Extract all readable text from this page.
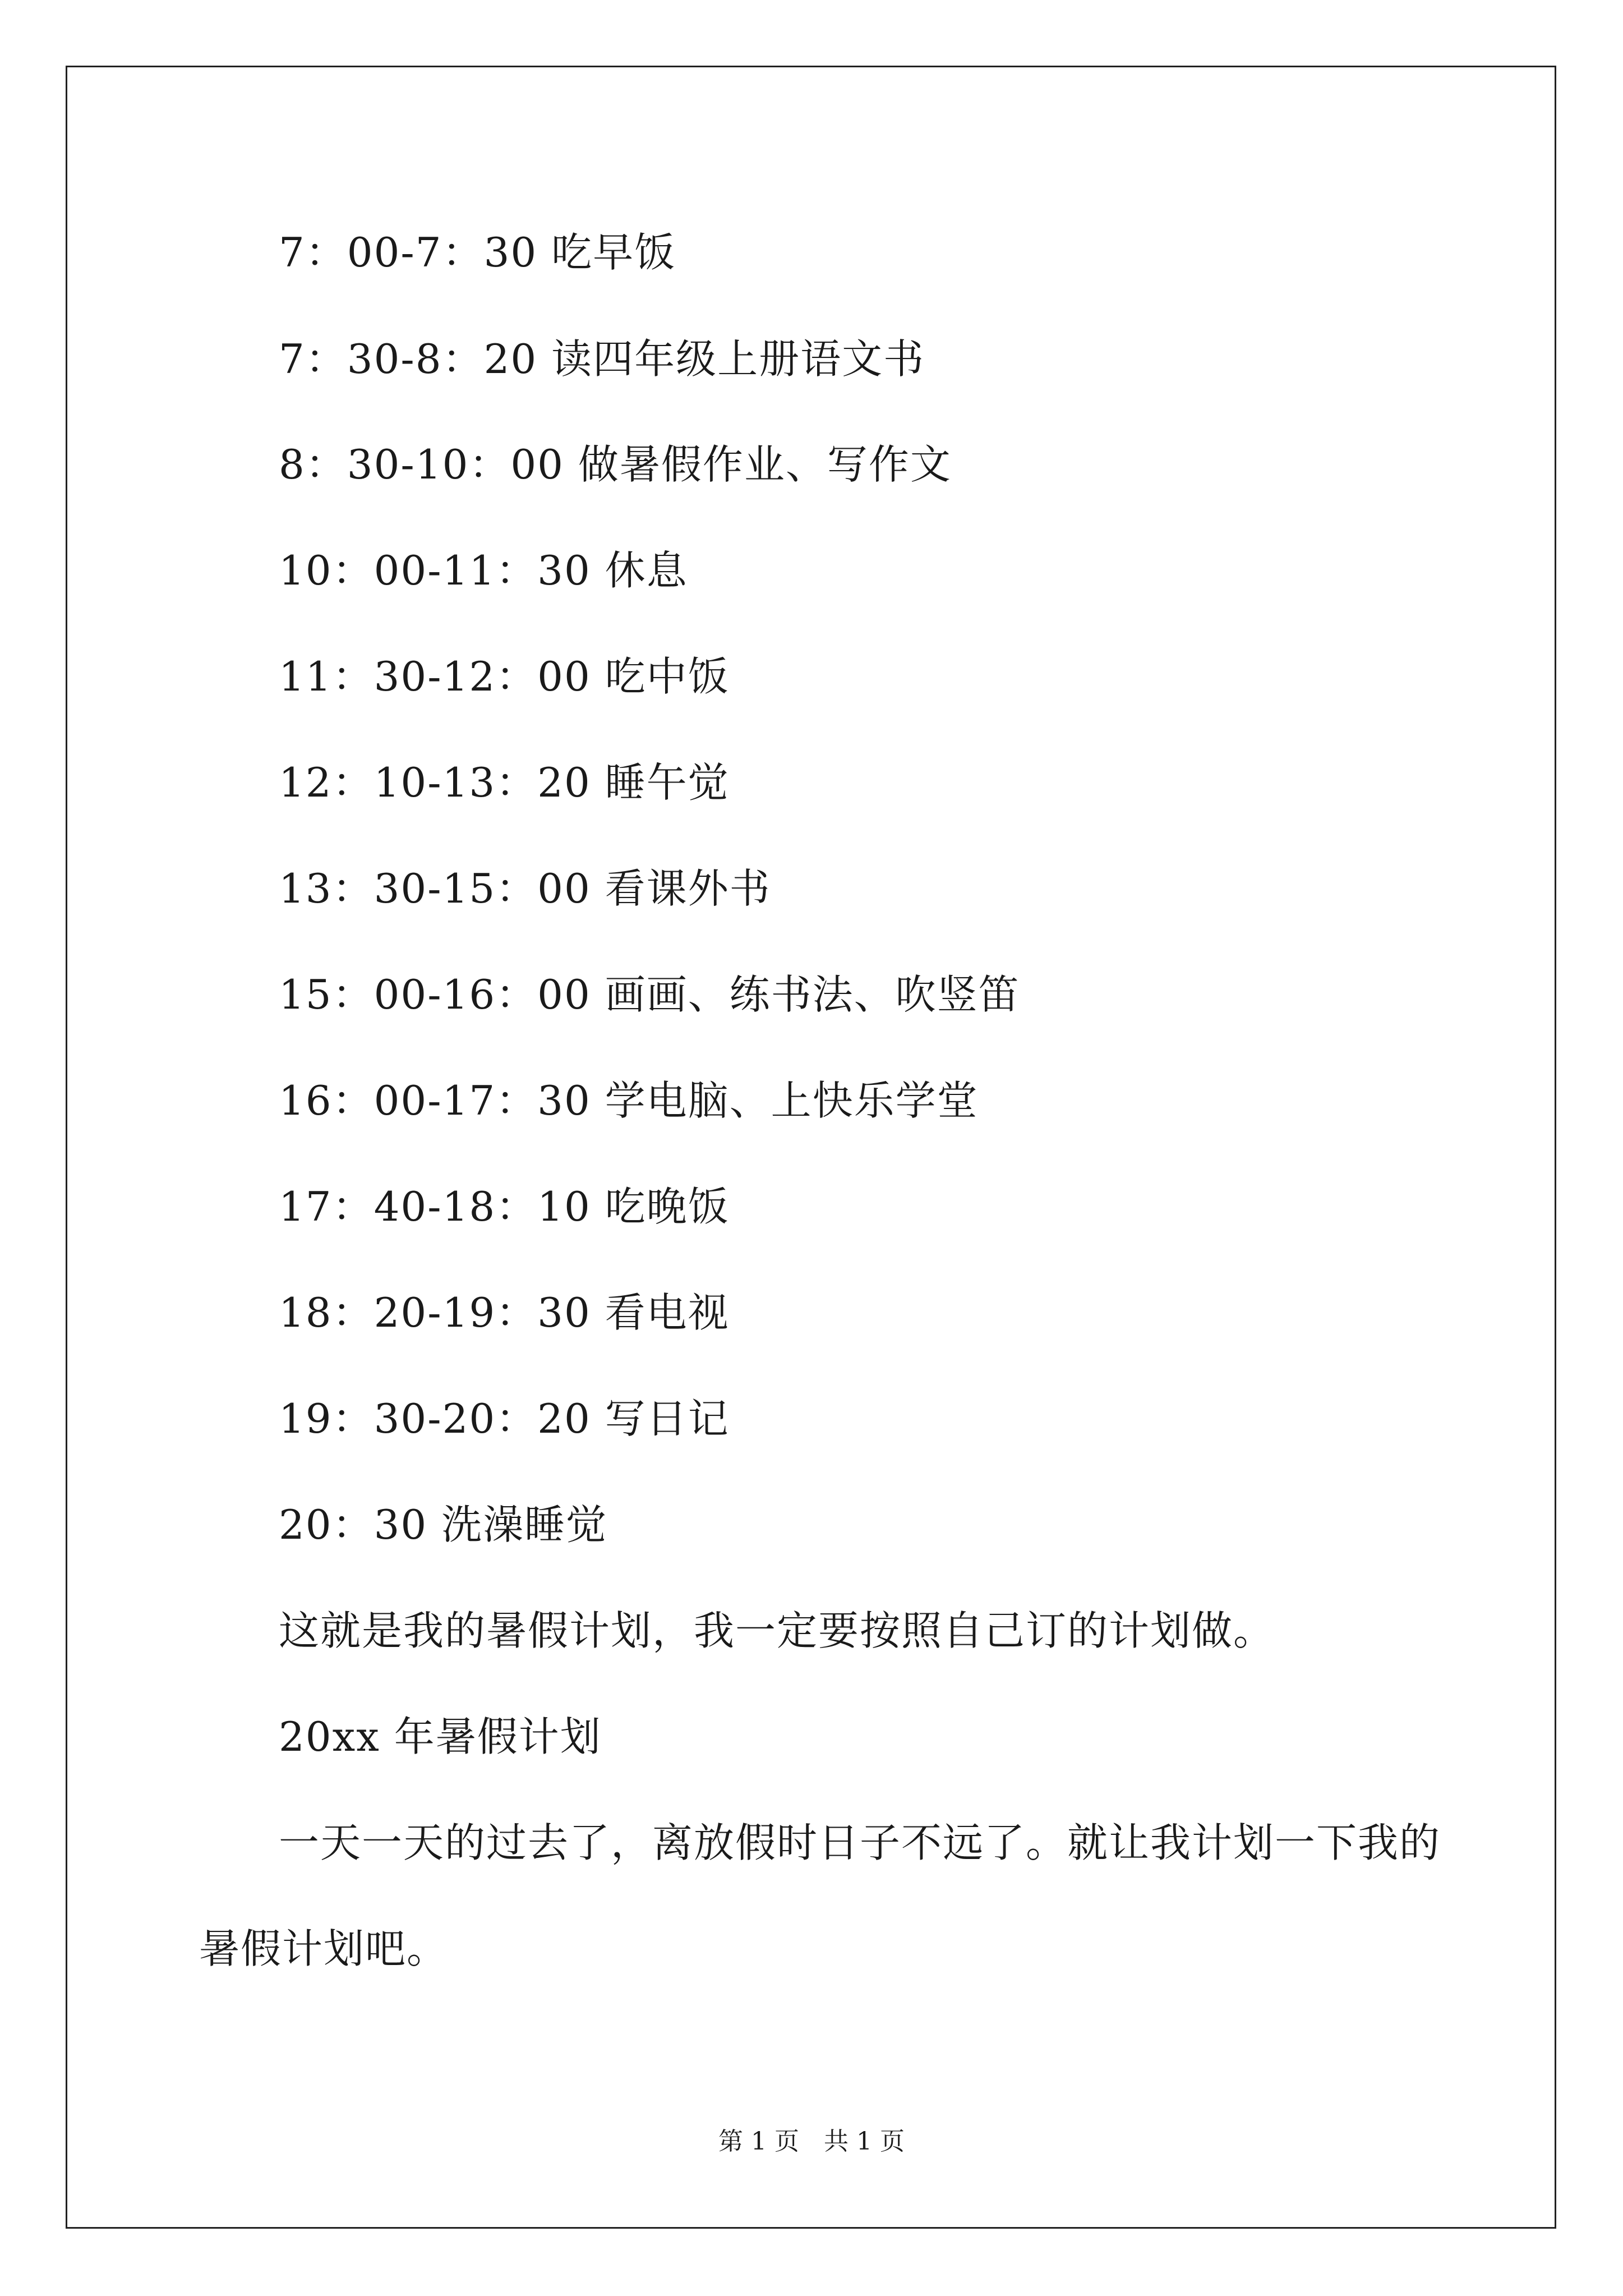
7：00-7：30 吃早饭
7：30-8：20 读四年级上册语文书
8：30-10：00 做暑假作业、写作文
10：00-11：30 休息
11：30-12：00 吃中饭
12：10-13：20 睡午觉
13：30-15：00 看课外书
15：00-16：00 画画、练书法、吹竖笛
16：00-17：30 学电脑、上快乐学堂
17：40-18：10 吃晚饭
18：20-19：30 看电视
19：30-20：20 写日记
20：30 洗澡睡觉
这就是我的暑假计划，我一定要按照自己订的计划做。
20xx 年暑假计划
一天一天的过去了，离放假时日子不远了。就让我计划一下我的
暑假计划吧。
第 1 页　共 1 页
